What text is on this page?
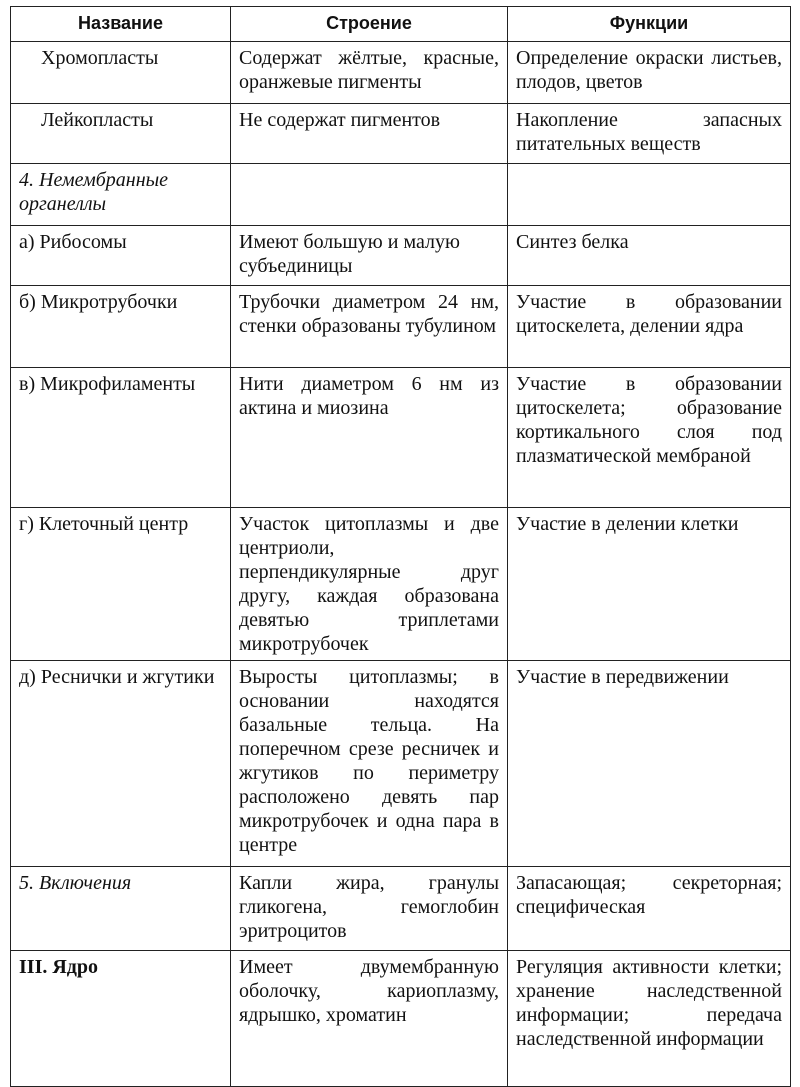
Название	Строение	Функции
Хромопласты	Содержат жёлтые, красные, оранжевые пигменты	Определение окраски листьев, плодов, цветов
Лейкопласты	Не содержат пигментов	Накопление запасных питательных веществ
4. Немембранные органеллы		
а) Рибосомы	Имеют большую и малую субъединицы	Синтез белка
б) Микротрубочки	Трубочки диаметром 24 нм, стенки образованы тубулином	Участие в образовании цитоскелета, делении ядра
в) Микрофиламенты	Нити диаметром 6 нм из актина и миозина	Участие в образовании цитоскелета; образование кортикального слоя под плазматической мембраной
г) Клеточный центр	Участок цитоплазмы и две центриоли, перпендикулярные друг другу, каждая образована девятью триплетами микротрубочек	Участие в делении клетки
д) Реснички и жгутики	Выросты цитоплазмы; в основании находятся базальные тельца. На поперечном срезе ресничек и жгутиков по периметру расположено девять пар микротрубочек и одна пара в центре	Участие в передвижении
5. Включения	Капли жира, гранулы гликогена, гемоглобин эритроцитов	Запасающая; секреторная; специфическая
III. Ядро	Имеет двумембранную оболочку, кариоплазму, ядрышко, хроматин	Регуляция активности клетки; хранение наследственной информации; передача наследственной информации
